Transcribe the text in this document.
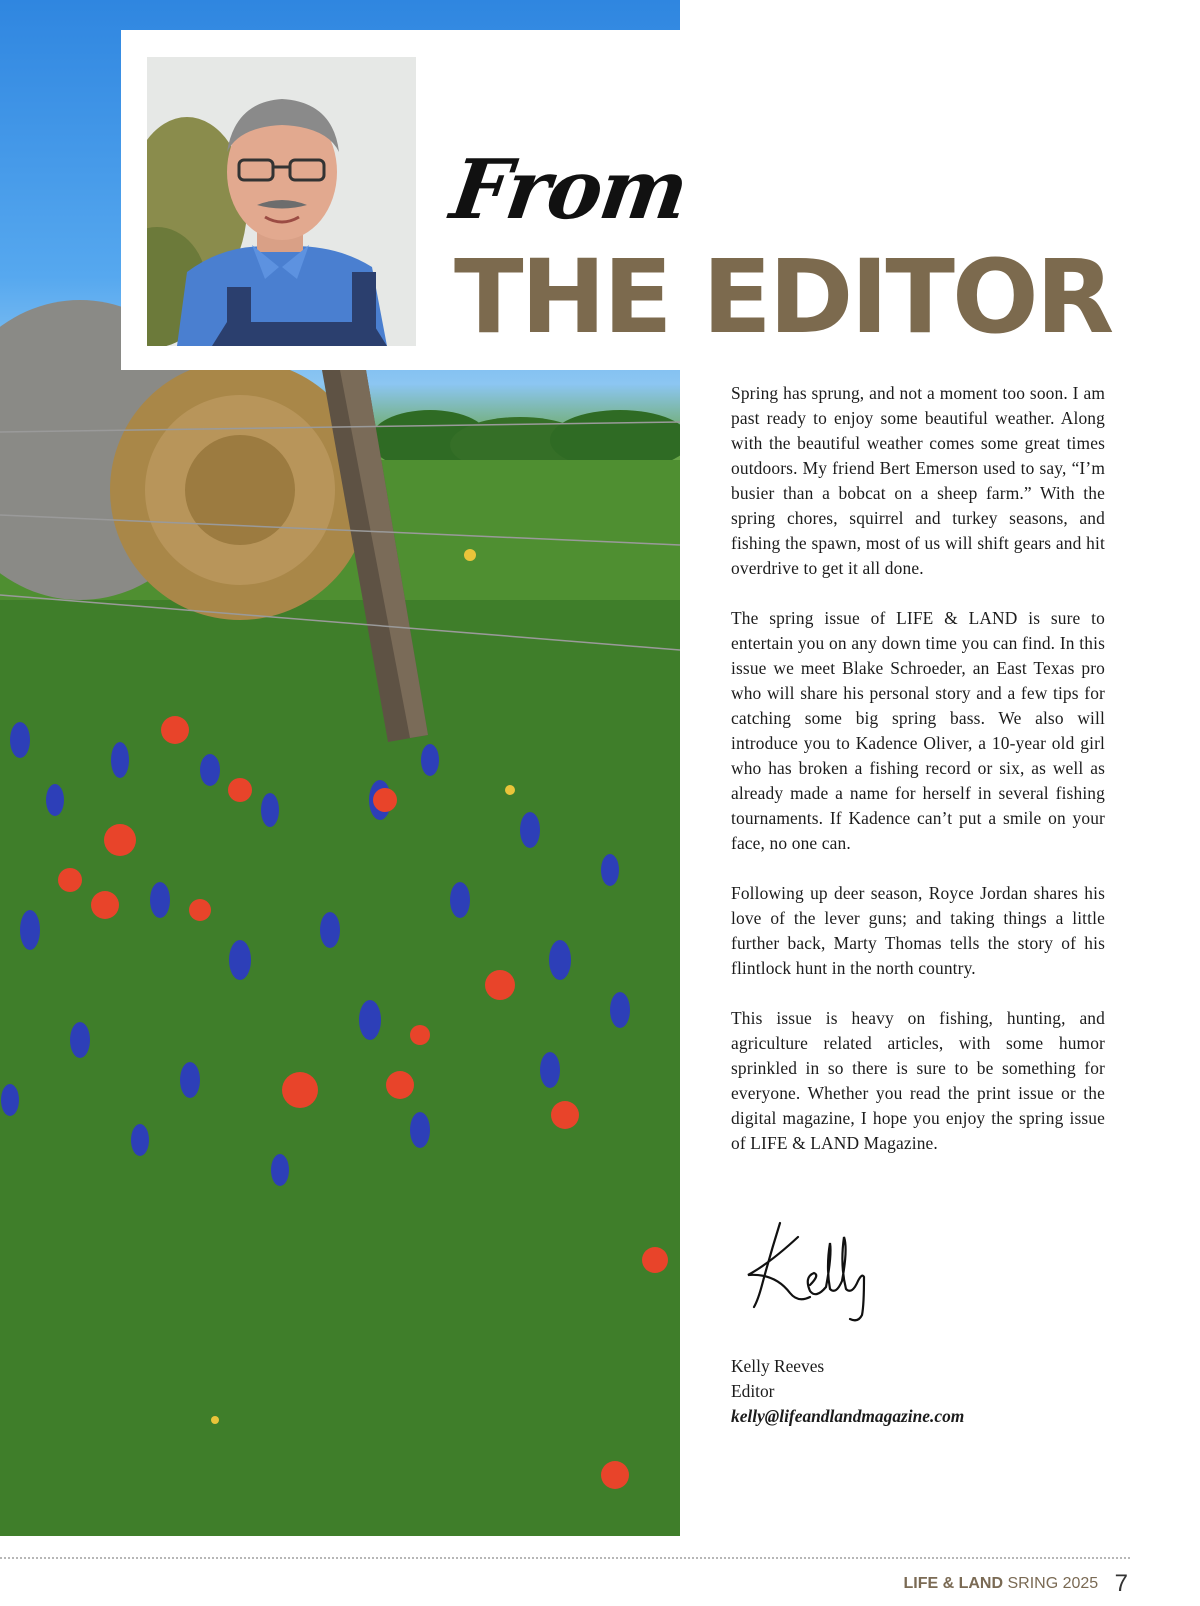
From
THE EDITOR

Spring has sprung, and not a moment too soon. I am past ready to enjoy some beautiful weather. Along with the beautiful weather comes some great times outdoors. My friend Bert Emerson used to say, “I’m busier than a bobcat on a sheep farm.” With the spring chores, squirrel and turkey seasons, and fishing the spawn, most of us will shift gears and hit overdrive to get it all done.

The spring issue of LIFE & LAND is sure to entertain you on any down time you can find. In this issue we meet Blake Schroeder, an East Texas pro who will share his personal story and a few tips for catching some big spring bass. We also will introduce you to Kadence Oliver, a 10-year old girl who has broken a fishing record or six, as well as already made a name for herself in several fishing tournaments. If Kadence can’t put a smile on your face, no one can.

Following up deer season, Royce Jordan shares his love of the lever guns; and taking things a little further back, Marty Thomas tells the story of his flintlock hunt in the north country.

This issue is heavy on fishing, hunting, and agriculture related articles, with some humor sprinkled in so there is sure to be something for everyone. Whether you read the print issue or the digital magazine, I hope you enjoy the spring issue of LIFE & LAND Magazine.

Kelly Reeves
Editor
kelly@lifeandlandmagazine.com
LIFE & LAND SRING 2025 7
